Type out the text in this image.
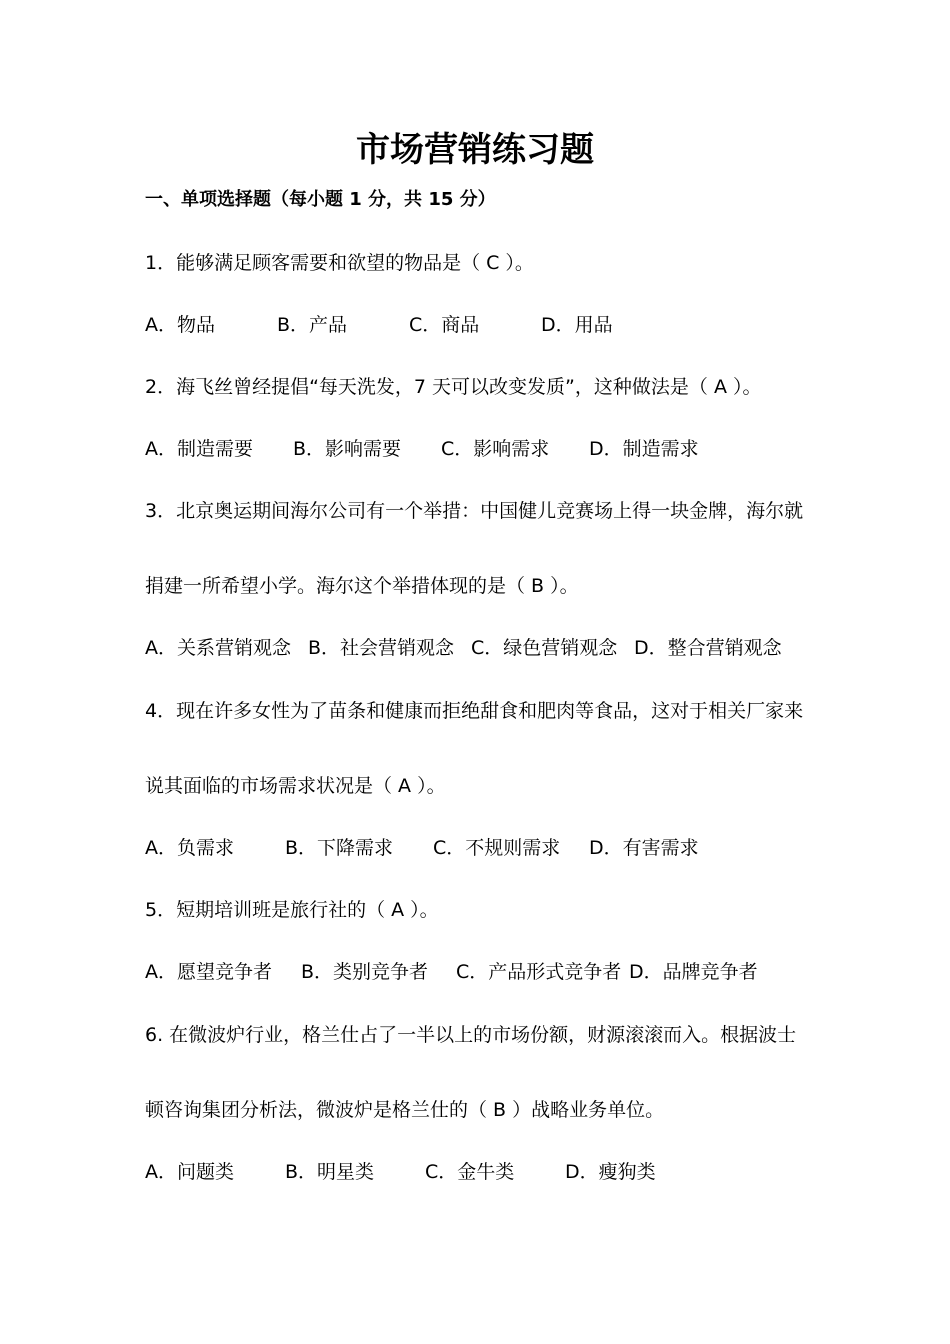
市场营销练习题
一、单项选择题（每小题 1 分，共 15 分）
1．能够满足顾客需要和欲望的物品是（ C ）。
A．物品	B．产品	C．商品	D．用品
2．海飞丝曾经提倡“每天洗发，7 天可以改变发质”，这种做法是（ A ）。
A．制造需要 B．影响需要 C．影响需求 D．制造需求
3．北京奥运期间海尔公司有一个举措：中国健儿竞赛场上得一块金牌，海尔就
捐建一所希望小学。海尔这个举措体现的是（ B ）。
A．关系营销观念 B．社会营销观念 C．绿色营销观念 D．整合营销观念
4．现在许多女性为了苗条和健康而拒绝甜食和肥肉等食品，这对于相关厂家来
说其面临的市场需求状况是（ A ）。
A．负需求	B．下降需求 C．不规则需求 D．有害需求
5．短期培训班是旅行社的（ A ）。
A．愿望竞争者 B．类别竞争者 C．产品形式竞争者 D．品牌竞争者
6. 在微波炉行业，格兰仕占了一半以上的市场份额，财源滚滚而入。根据波士
顿咨询集团分析法，微波炉是格兰仕的（ B ）战略业务单位。
A．问题类	B．明星类	C．金牛类	D．瘦狗类
